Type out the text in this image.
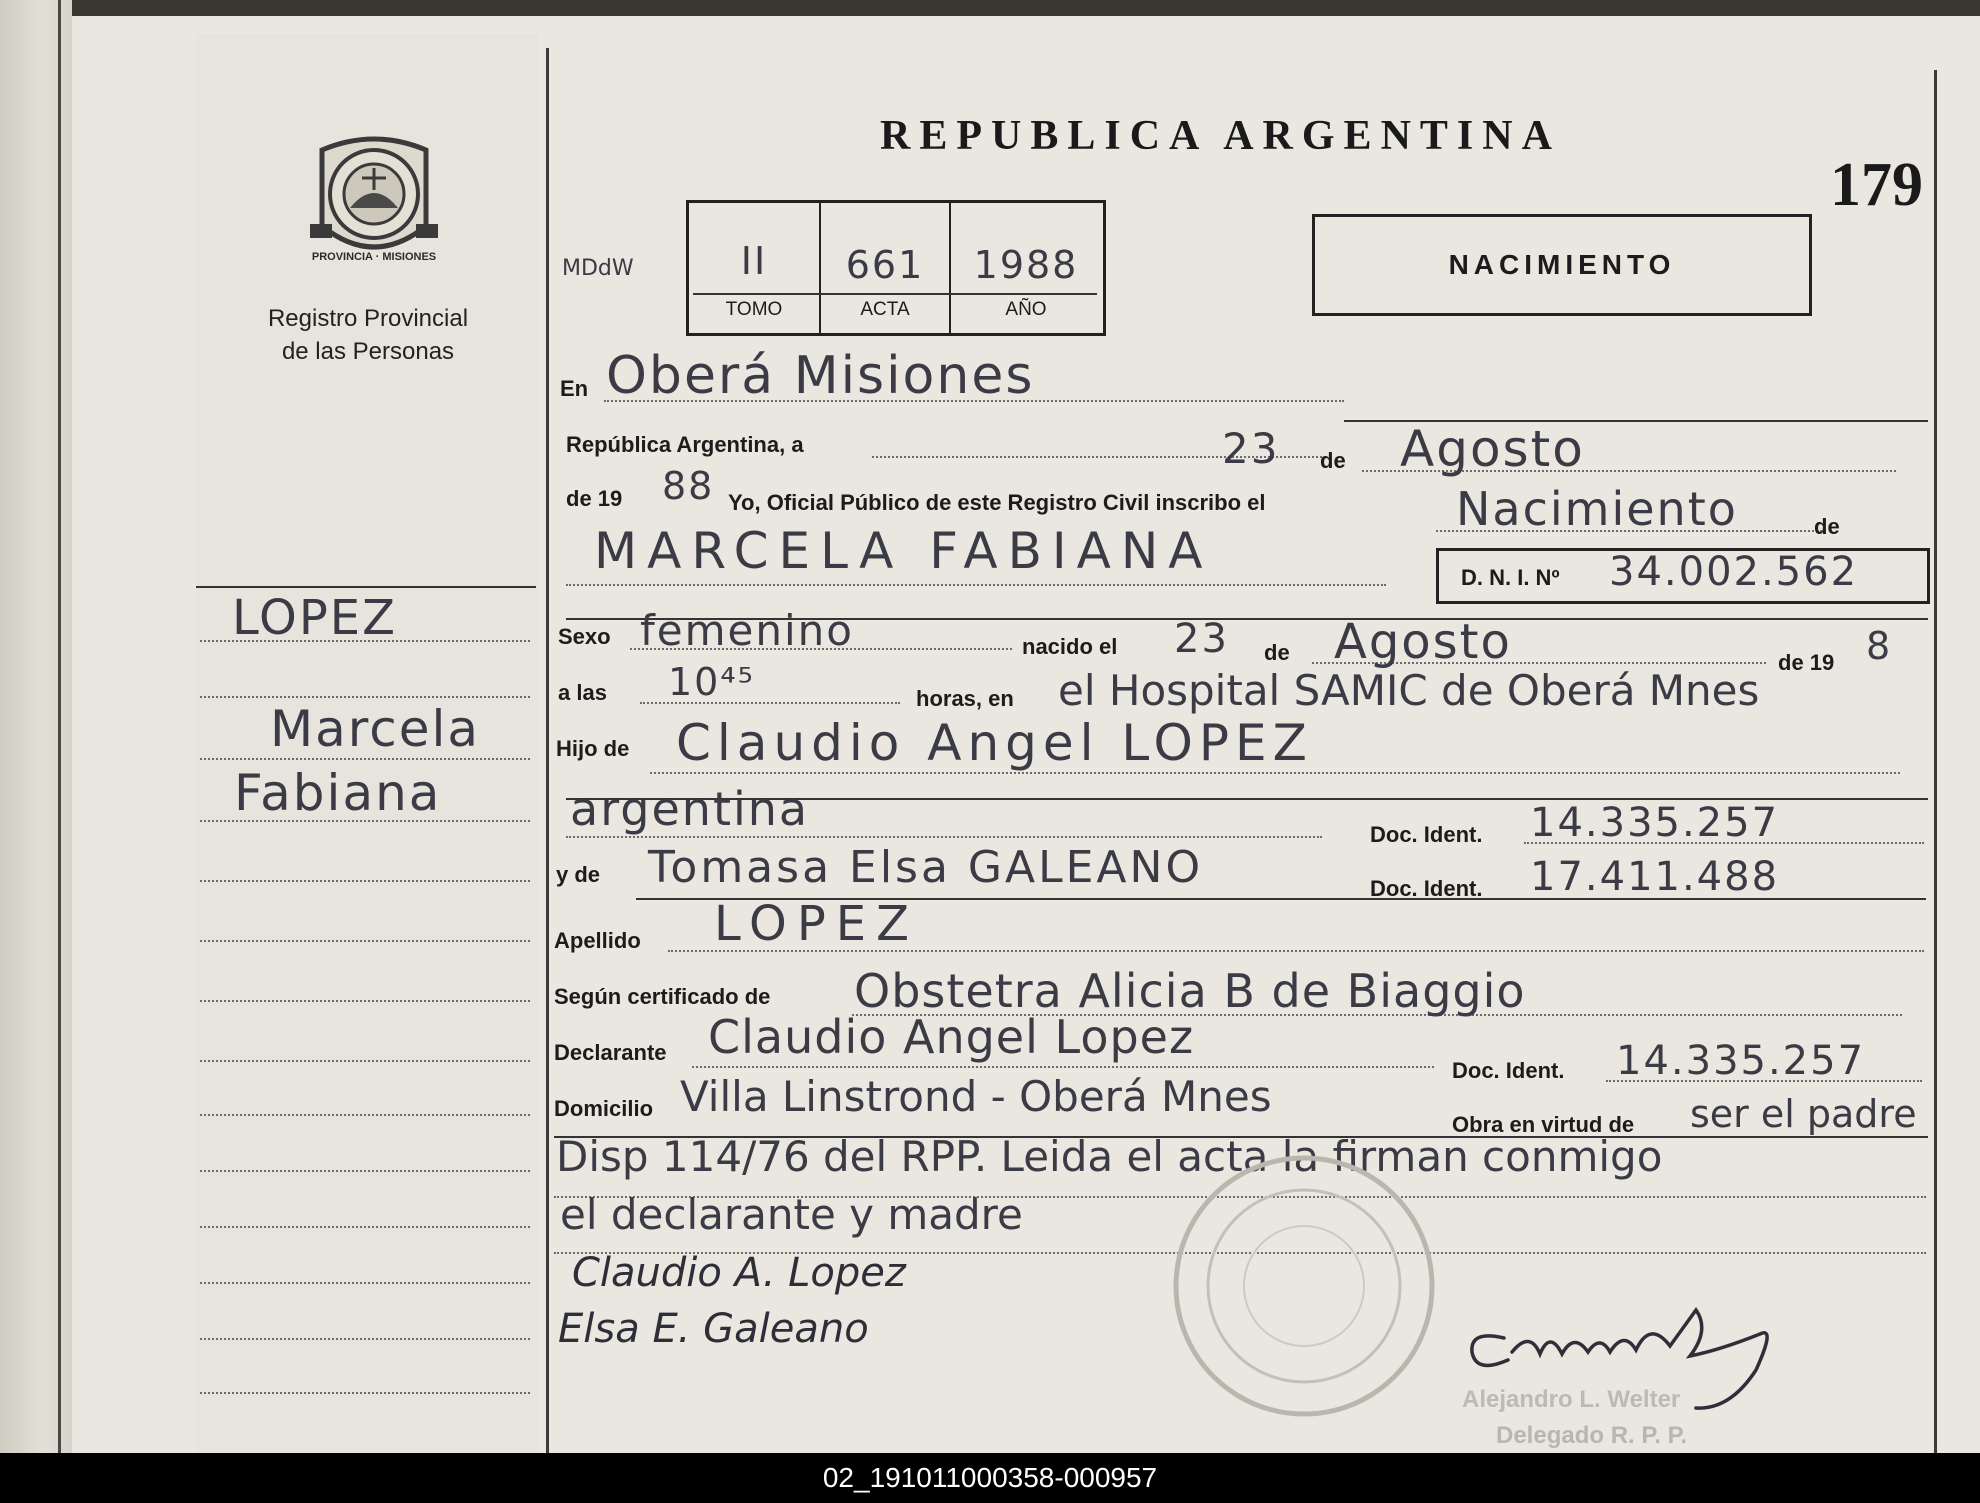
PROVINCIA · MISIONES
Registro Provincial
de las Personas
LOPEZ
Marcela
Fabiana
REPUBLICA ARGENTINA
179
NACIMIENTO
MDdW	II	661	1988
TOMO	ACTA	AÑO
En Oberá Misiones
República Argentina, a	23 de Agosto
de 19 88 Yo, Oficial Público de este Registro Civil inscribo el	Nacimiento	de
MARCELA FABIANA	D. N. I. Nº 34.002.562
Sexo femenino	nacido el 23 de Agosto	de 19 8
a las 10⁴⁵	horas, en el Hospital SAMIC de Oberá Mnes
Hijo de Claudio Angel LOPEZ
argentina	Doc. Ident. 14.335.257
y de Tomasa Elsa GALEANO	Doc. Ident. 17.411.488
Apellido LOPEZ
Según certificado de Obstetra Alicia B de Biaggio
Declarante Claudio Angel Lopez
Doc. Ident. 14.335.257
Domicilio Villa Linstrond - Oberá Mnes
Obra en virtud de ser el padre
Disp 114/76 del RPP. Leida el acta la firman conmigo
el declarante y madre
Claudio A. Lopez
Elsa E. Galeano
Alejandro L. Welter
Delegado R. P. P.
02_191011000358-000957
